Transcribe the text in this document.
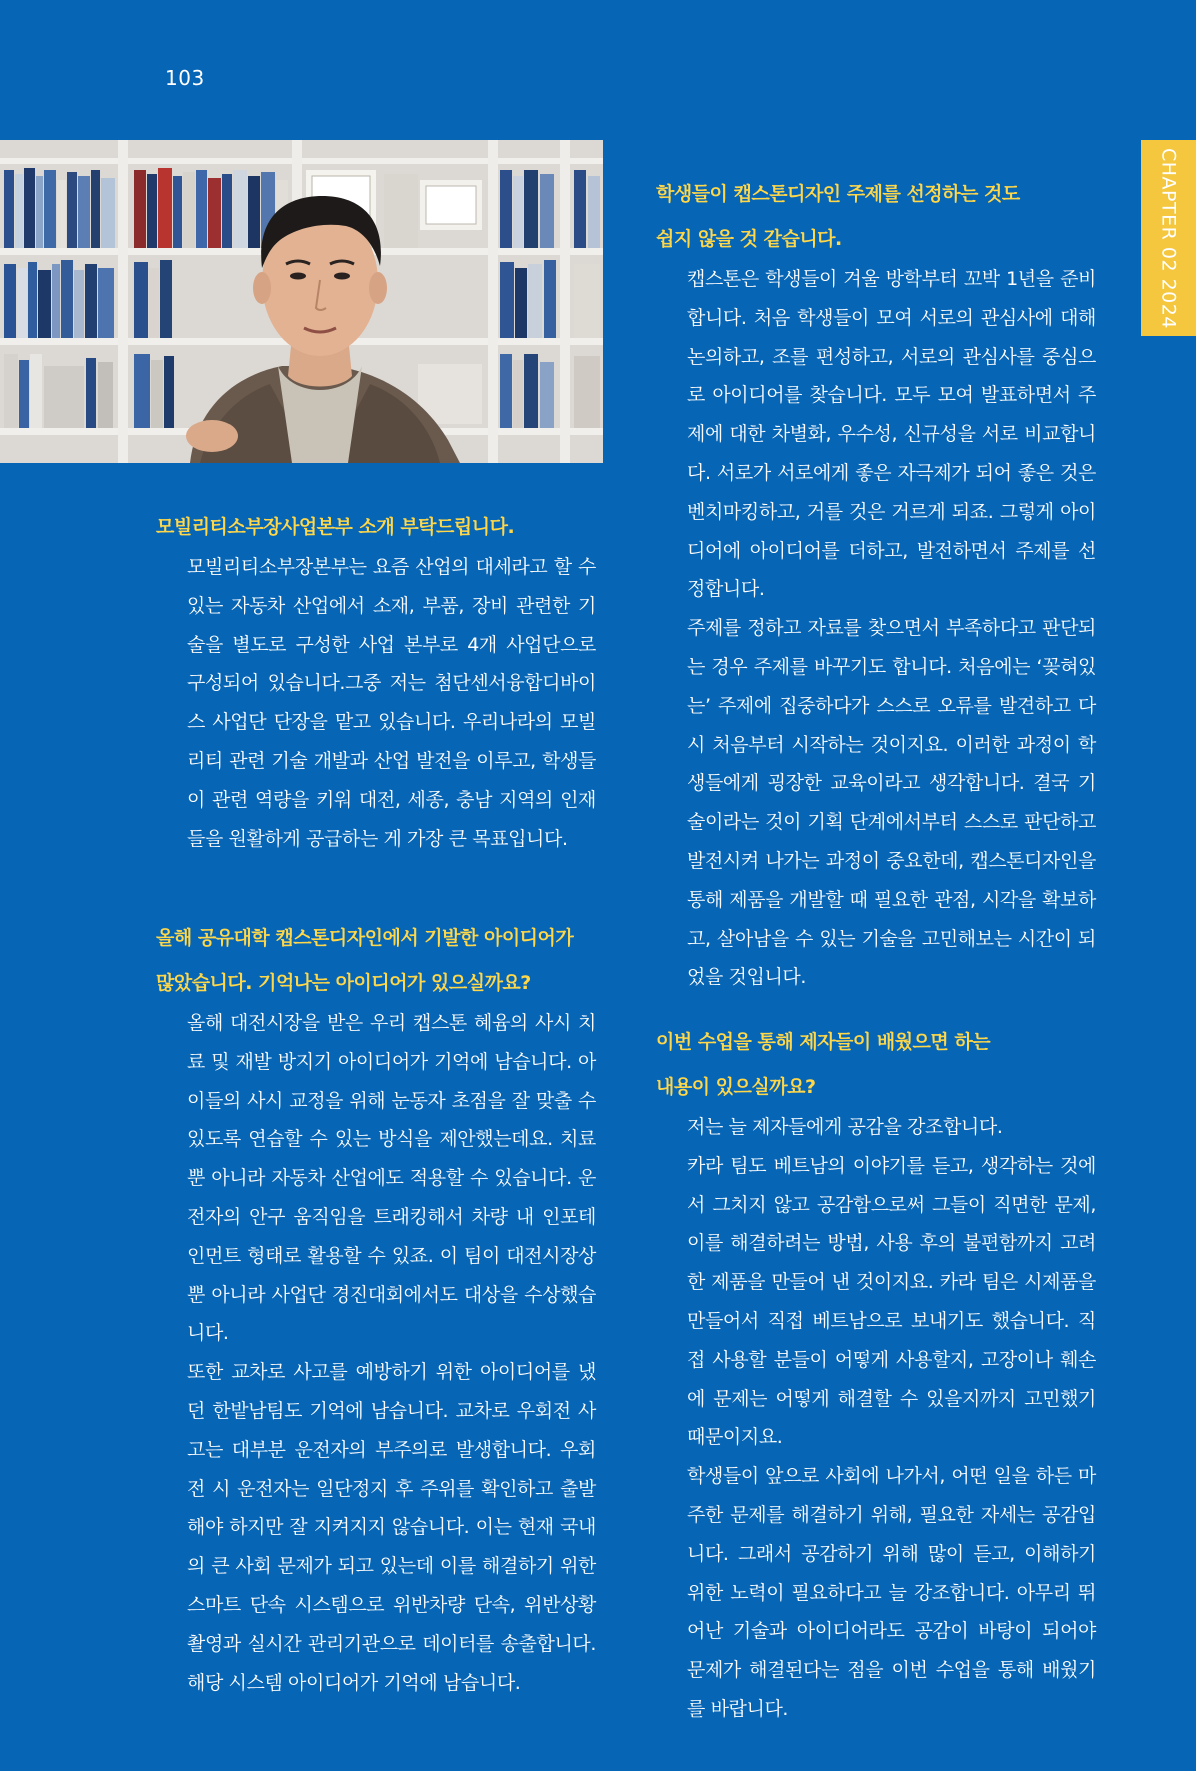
103
CHAPTER 02 2024
모빌리티소부장사업본부 소개 부탁드립니다.

모빌리티소부장본부는 요즘 산업의 대세라고 할 수 있는 자동차 산업에서 소재, 부품, 장비 관련한 기술을 별도로 구성한 사업 본부로 4개 사업단으로 구성되어 있습니다.그중 저는 첨단센서융합디바이스 사업단 단장을 맡고 있습니다. 우리나라의 모빌리티 관련 기술 개발과 산업 발전을 이루고, 학생들이 관련 역량을 키워 대전, 세종, 충남 지역의 인재들을 원활하게 공급하는 게 가장 큰 목표입니다.

올해 공유대학 캡스톤디자인에서 기발한 아이디어가
많았습니다. 기억나는 아이디어가 있으실까요?

올해 대전시장을 받은 우리 캡스톤 혜윰의 사시 치료 및 재발 방지기 아이디어가 기억에 남습니다. 아이들의 사시 교정을 위해 눈동자 초점을 잘 맞출 수 있도록 연습할 수 있는 방식을 제안했는데요. 치료뿐 아니라 자동차 산업에도 적용할 수 있습니다. 운전자의 안구 움직임을 트래킹해서 차량 내 인포테인먼트 형태로 활용할 수 있죠. 이 팀이 대전시장상뿐 아니라 사업단 경진대회에서도 대상을 수상했습니다.

또한 교차로 사고를 예방하기 위한 아이디어를 냈던 한밭남팀도 기억에 남습니다. 교차로 우회전 사고는 대부분 운전자의 부주의로 발생합니다. 우회전 시 운전자는 일단정지 후 주위를 확인하고 출발해야 하지만 잘 지켜지지 않습니다. 이는 현재 국내의 큰 사회 문제가 되고 있는데 이를 해결하기 위한 스마트 단속 시스템으로 위반차량 단속, 위반상황 촬영과 실시간 관리기관으로 데이터를 송출합니다. 해당 시스템 아이디어가 기억에 남습니다.

학생들이 캡스톤디자인 주제를 선정하는 것도
쉽지 않을 것 같습니다.

캡스톤은 학생들이 겨울 방학부터 꼬박 1년을 준비합니다. 처음 학생들이 모여 서로의 관심사에 대해 논의하고, 조를 편성하고, 서로의 관심사를 중심으로 아이디어를 찾습니다. 모두 모여 발표하면서 주제에 대한 차별화, 우수성, 신규성을 서로 비교합니다. 서로가 서로에게 좋은 자극제가 되어 좋은 것은 벤치마킹하고, 거를 것은 거르게 되죠. 그렇게 아이디어에 아이디어를 더하고, 발전하면서 주제를 선정합니다.

주제를 정하고 자료를 찾으면서 부족하다고 판단되는 경우 주제를 바꾸기도 합니다. 처음에는 ‘꽂혀있는’ 주제에 집중하다가 스스로 오류를 발견하고 다시 처음부터 시작하는 것이지요. 이러한 과정이 학생들에게 굉장한 교육이라고 생각합니다. 결국 기술이라는 것이 기획 단계에서부터 스스로 판단하고 발전시켜 나가는 과정이 중요한데, 캡스톤디자인을 통해 제품을 개발할 때 필요한 관점, 시각을 확보하고, 살아남을 수 있는 기술을 고민해보는 시간이 되었을 것입니다.

이번 수업을 통해 제자들이 배웠으면 하는
내용이 있으실까요?

저는 늘 제자들에게 공감을 강조합니다.

카라 팀도 베트남의 이야기를 듣고, 생각하는 것에서 그치지 않고 공감함으로써 그들이 직면한 문제, 이를 해결하려는 방법, 사용 후의 불편함까지 고려한 제품을 만들어 낸 것이지요. 카라 팀은 시제품을 만들어서 직접 베트남으로 보내기도 했습니다. 직접 사용할 분들이 어떻게 사용할지, 고장이나 훼손에 문제는 어떻게 해결할 수 있을지까지 고민했기 때문이지요.

학생들이 앞으로 사회에 나가서, 어떤 일을 하든 마주한 문제를 해결하기 위해, 필요한 자세는 공감입니다. 그래서 공감하기 위해 많이 듣고, 이해하기 위한 노력이 필요하다고 늘 강조합니다. 아무리 뛰어난 기술과 아이디어라도 공감이 바탕이 되어야 문제가 해결된다는 점을 이번 수업을 통해 배웠기를 바랍니다.
